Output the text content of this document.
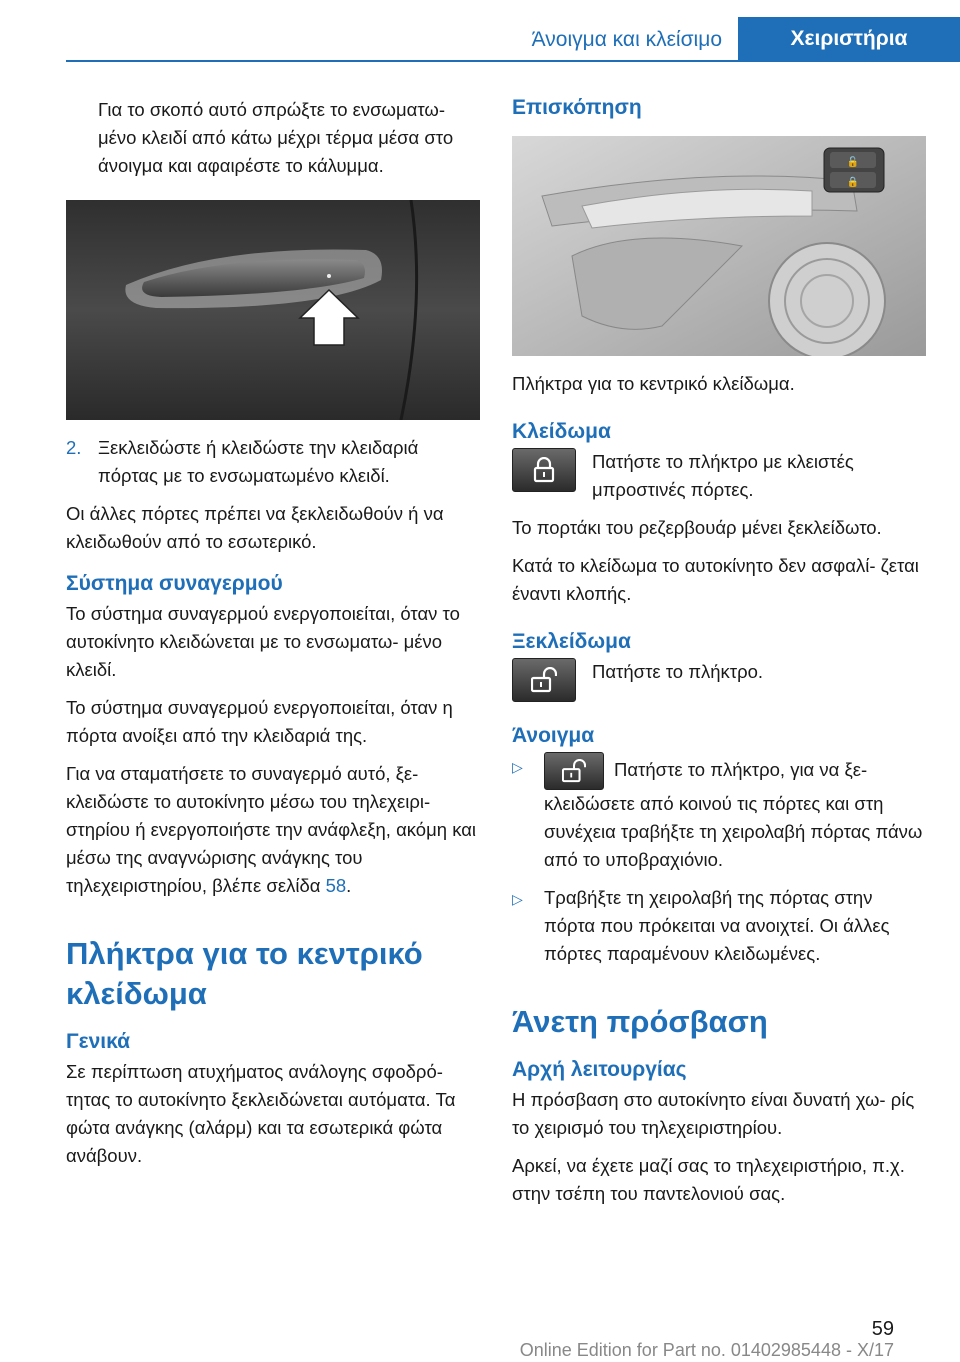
Άνοιγμα και κλείσιμο	Χειριστήρια

Για το σκοπό αυτό σπρώξτε το ενσωματω- μένο κλειδί από κάτω μέχρι τέρμα μέσα στο άνοιγμα και αφαιρέστε το κάλυμμα.

2. Ξεκλειδώστε ή κλειδώστε την κλειδαριά πόρτας με το ενσωματωμένο κλειδί.

Οι άλλες πόρτες πρέπει να ξεκλειδωθούν ή να κλειδωθούν από το εσωτερικό.

Σύστημα συναγερμού

Το σύστημα συναγερμού ενεργοποιείται, όταν το αυτοκίνητο κλειδώνεται με το ενσωματω- μένο κλειδί.

Το σύστημα συναγερμού ενεργοποιείται, όταν η πόρτα ανοίξει από την κλειδαριά της.

Για να σταματήσετε το συναγερμό αυτό, ξε- κλειδώστε το αυτοκίνητο μέσω του τηλεχειρι- στηρίου ή ενεργοποιήστε την ανάφλεξη, ακόμη και μέσω της αναγνώρισης ανάγκης του τηλεχειριστηρίου, βλέπε σελίδα 58.

Πλήκτρα για το κεντρικό κλείδωμα
Γενικά

Σε περίπτωση ατυχήματος ανάλογης σφοδρό- τητας το αυτοκίνητο ξεκλειδώνεται αυτόματα. Τα φώτα ανάγκης (αλάρμ) και τα εσωτερικά φώτα ανάβουν.

Επισκόπηση
🔓
🔒

Πλήκτρα για το κεντρικό κλείδωμα.

Κλείδωμα

Πατήστε το πλήκτρο με κλειστές μπροστινές πόρτες.

Το πορτάκι του ρεζερβουάρ μένει ξεκλείδωτο.

Κατά το κλείδωμα το αυτοκίνητο δεν ασφαλί- ζεται έναντι κλοπής.

Ξεκλείδωμα

Πατήστε το πλήκτρο.

Άνοιγμα
▷	Πατήστε το πλήκτρο, για να ξε- κλειδώσετε από κοινού τις πόρτες και στη συνέχεια τραβήξτε τη χειρολαβή πόρτας πάνω από το υποβραχιόνιο.
▷	Τραβήξτε τη χειρολαβή της πόρτας στην πόρτα που πρόκειται να ανοιχτεί. Οι άλλες πόρτες παραμένουν κλειδωμένες.
Άνετη πρόσβαση
Αρχή λειτουργίας

Η πρόσβαση στο αυτοκίνητο είναι δυνατή χω- ρίς το χειρισμό του τηλεχειριστηρίου.

Αρκεί, να έχετε μαζί σας το τηλεχειριστήριο, π.χ. στην τσέπη του παντελονιού σας.

59
Online Edition for Part no. 01402985448 - X/17
